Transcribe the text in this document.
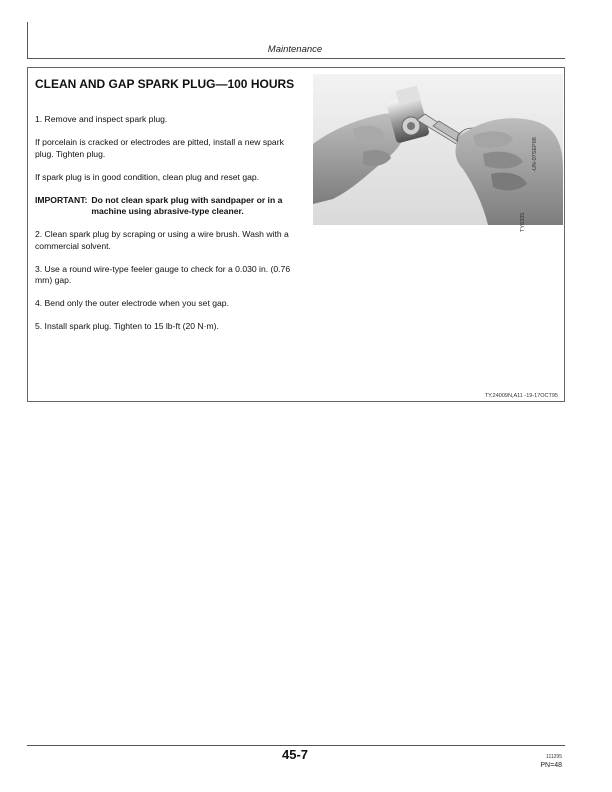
Maintenance
CLEAN AND GAP SPARK PLUG—100 HOURS

1. Remove and inspect spark plug.

If porcelain is cracked or electrodes are pitted, install a new spark plug. Tighten plug.

If spark plug is in good condition, clean plug and reset gap.

IMPORTANT: Do not clean spark plug with sandpaper or in a machine using abrasive-type cleaner.

2. Clean spark plug by scraping or using a wire brush. Wash with a commercial solvent.

3. Use a round wire-type feeler gauge to check for a 0.030 in. (0.76 mm) gap.

4. Bend only the outer electrode when you set gap.

5. Install spark plug. Tighten to 15 lb-ft (20 N·m).

TY,24009N,A11 -19-17OCT95
TY6335
-UN-07SEP88
45-7	111295
PN=48
